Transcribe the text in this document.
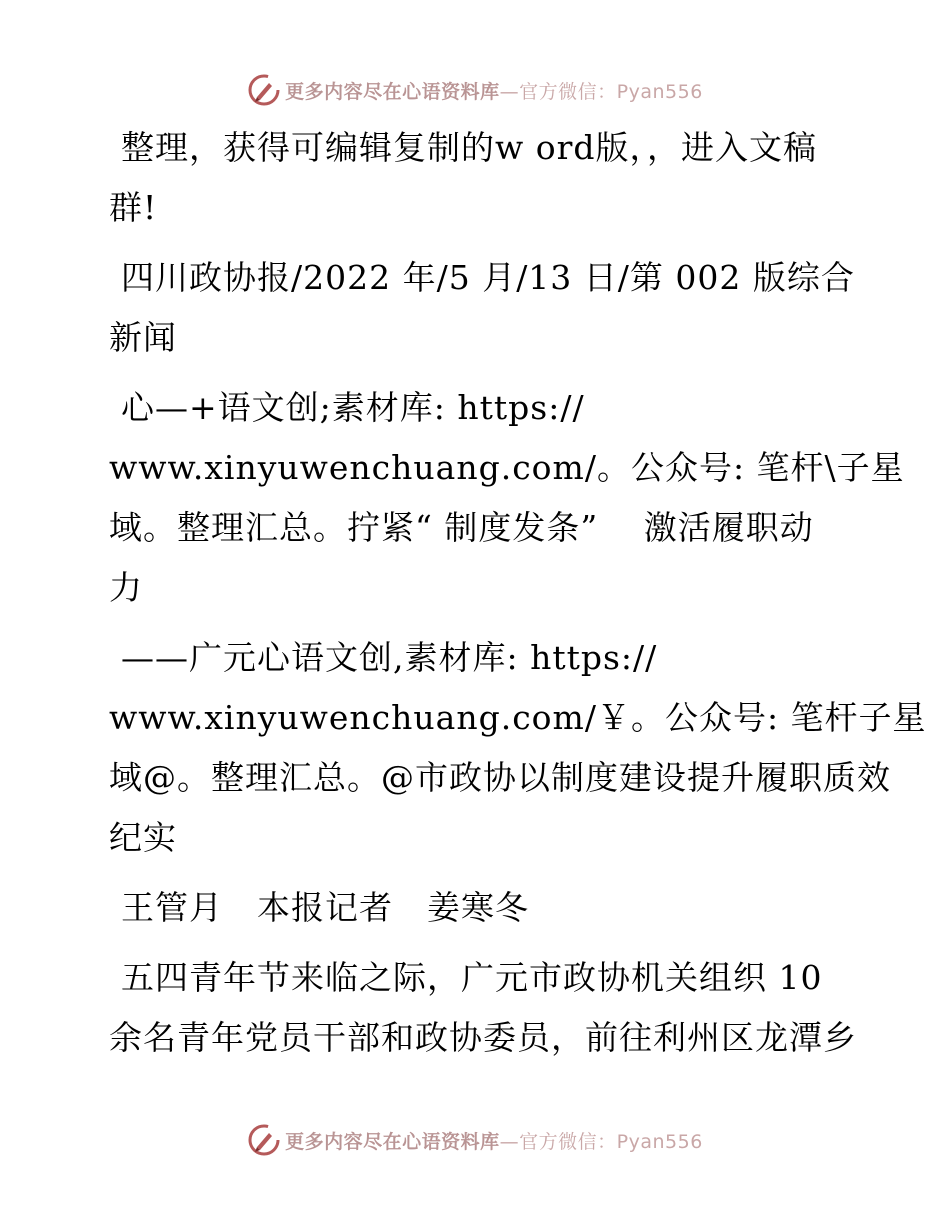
更多内容尽在心语资料库—官方微信：Pyan556
整理，获得可编辑复制的w ord版，，进入文稿
群!
四川政协报/2022 年/5 月/13 日/第 002 版综合
新闻
心—+语文创;素材库: https://
www.xinyuwenchuang.com/。公众号: 笔杆\子星
域。整理汇总。拧紧“ 制度发条”　 激活履职动
力
——广元心语文创,素材库: https://
www.xinyuwenchuang.com/￥。公众号: 笔杆子星
域@。整理汇总。@市政协以制度建设提升履职质效
纪实
王管月　本报记者　姜寒冬
五四青年节来临之际，广元市政协机关组织 10
余名青年党员干部和政协委员，前往利州区龙潭乡
更多内容尽在心语资料库—官方微信：Pyan556
